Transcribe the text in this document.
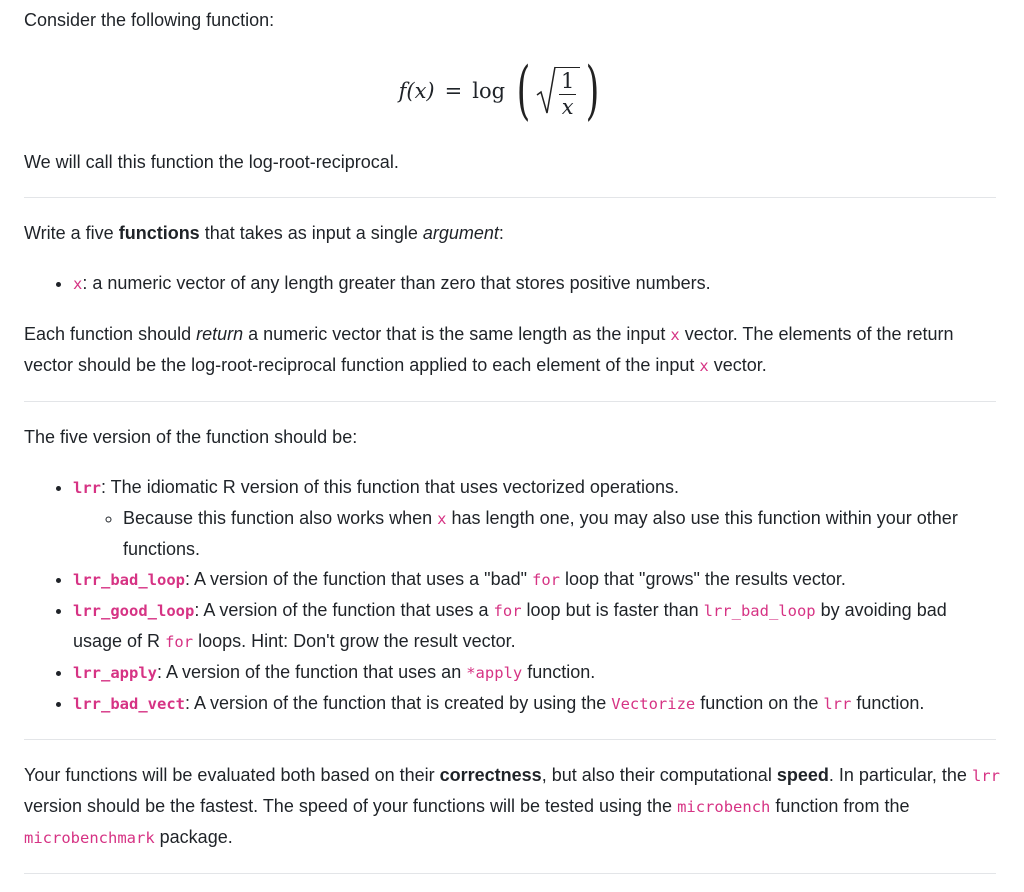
Consider the following function:

f(x) = log ( $\frac{1}{x}$ )

We will call this function the log-root-reciprocal.

Write a five functions that takes as input a single argument:

• x: a numeric vector of any length greater than zero that stores positive numbers.

Each function should return a numeric vector that is the same length as the input x vector. The elements of the return vector should be the log-root-reciprocal function applied to each element of the input x vector.

The five version of the function should be:

• lrr: The idiomatic R version of this function that uses vectorized operations.
◦ Because this function also works when x has length one, you may also use this function within your other functions.
• lrr_bad_loop: A version of the function that uses a "bad" for loop that "grows" the results vector.
• lrr_good_loop: A version of the function that uses a for loop but is faster than lrr_bad_loop by avoiding bad usage of R for loops. Hint: Don't grow the result vector.
• lrr_apply: A version of the function that uses an *apply function.
• lrr_bad_vect: A version of the function that is created by using the Vectorize function on the lrr function.

Your functions will be evaluated both based on their correctness, but also their computational speed. In particular, the lrr version should be the fastest. The speed of your functions will be tested using the microbench function from the microbenchmark package.
